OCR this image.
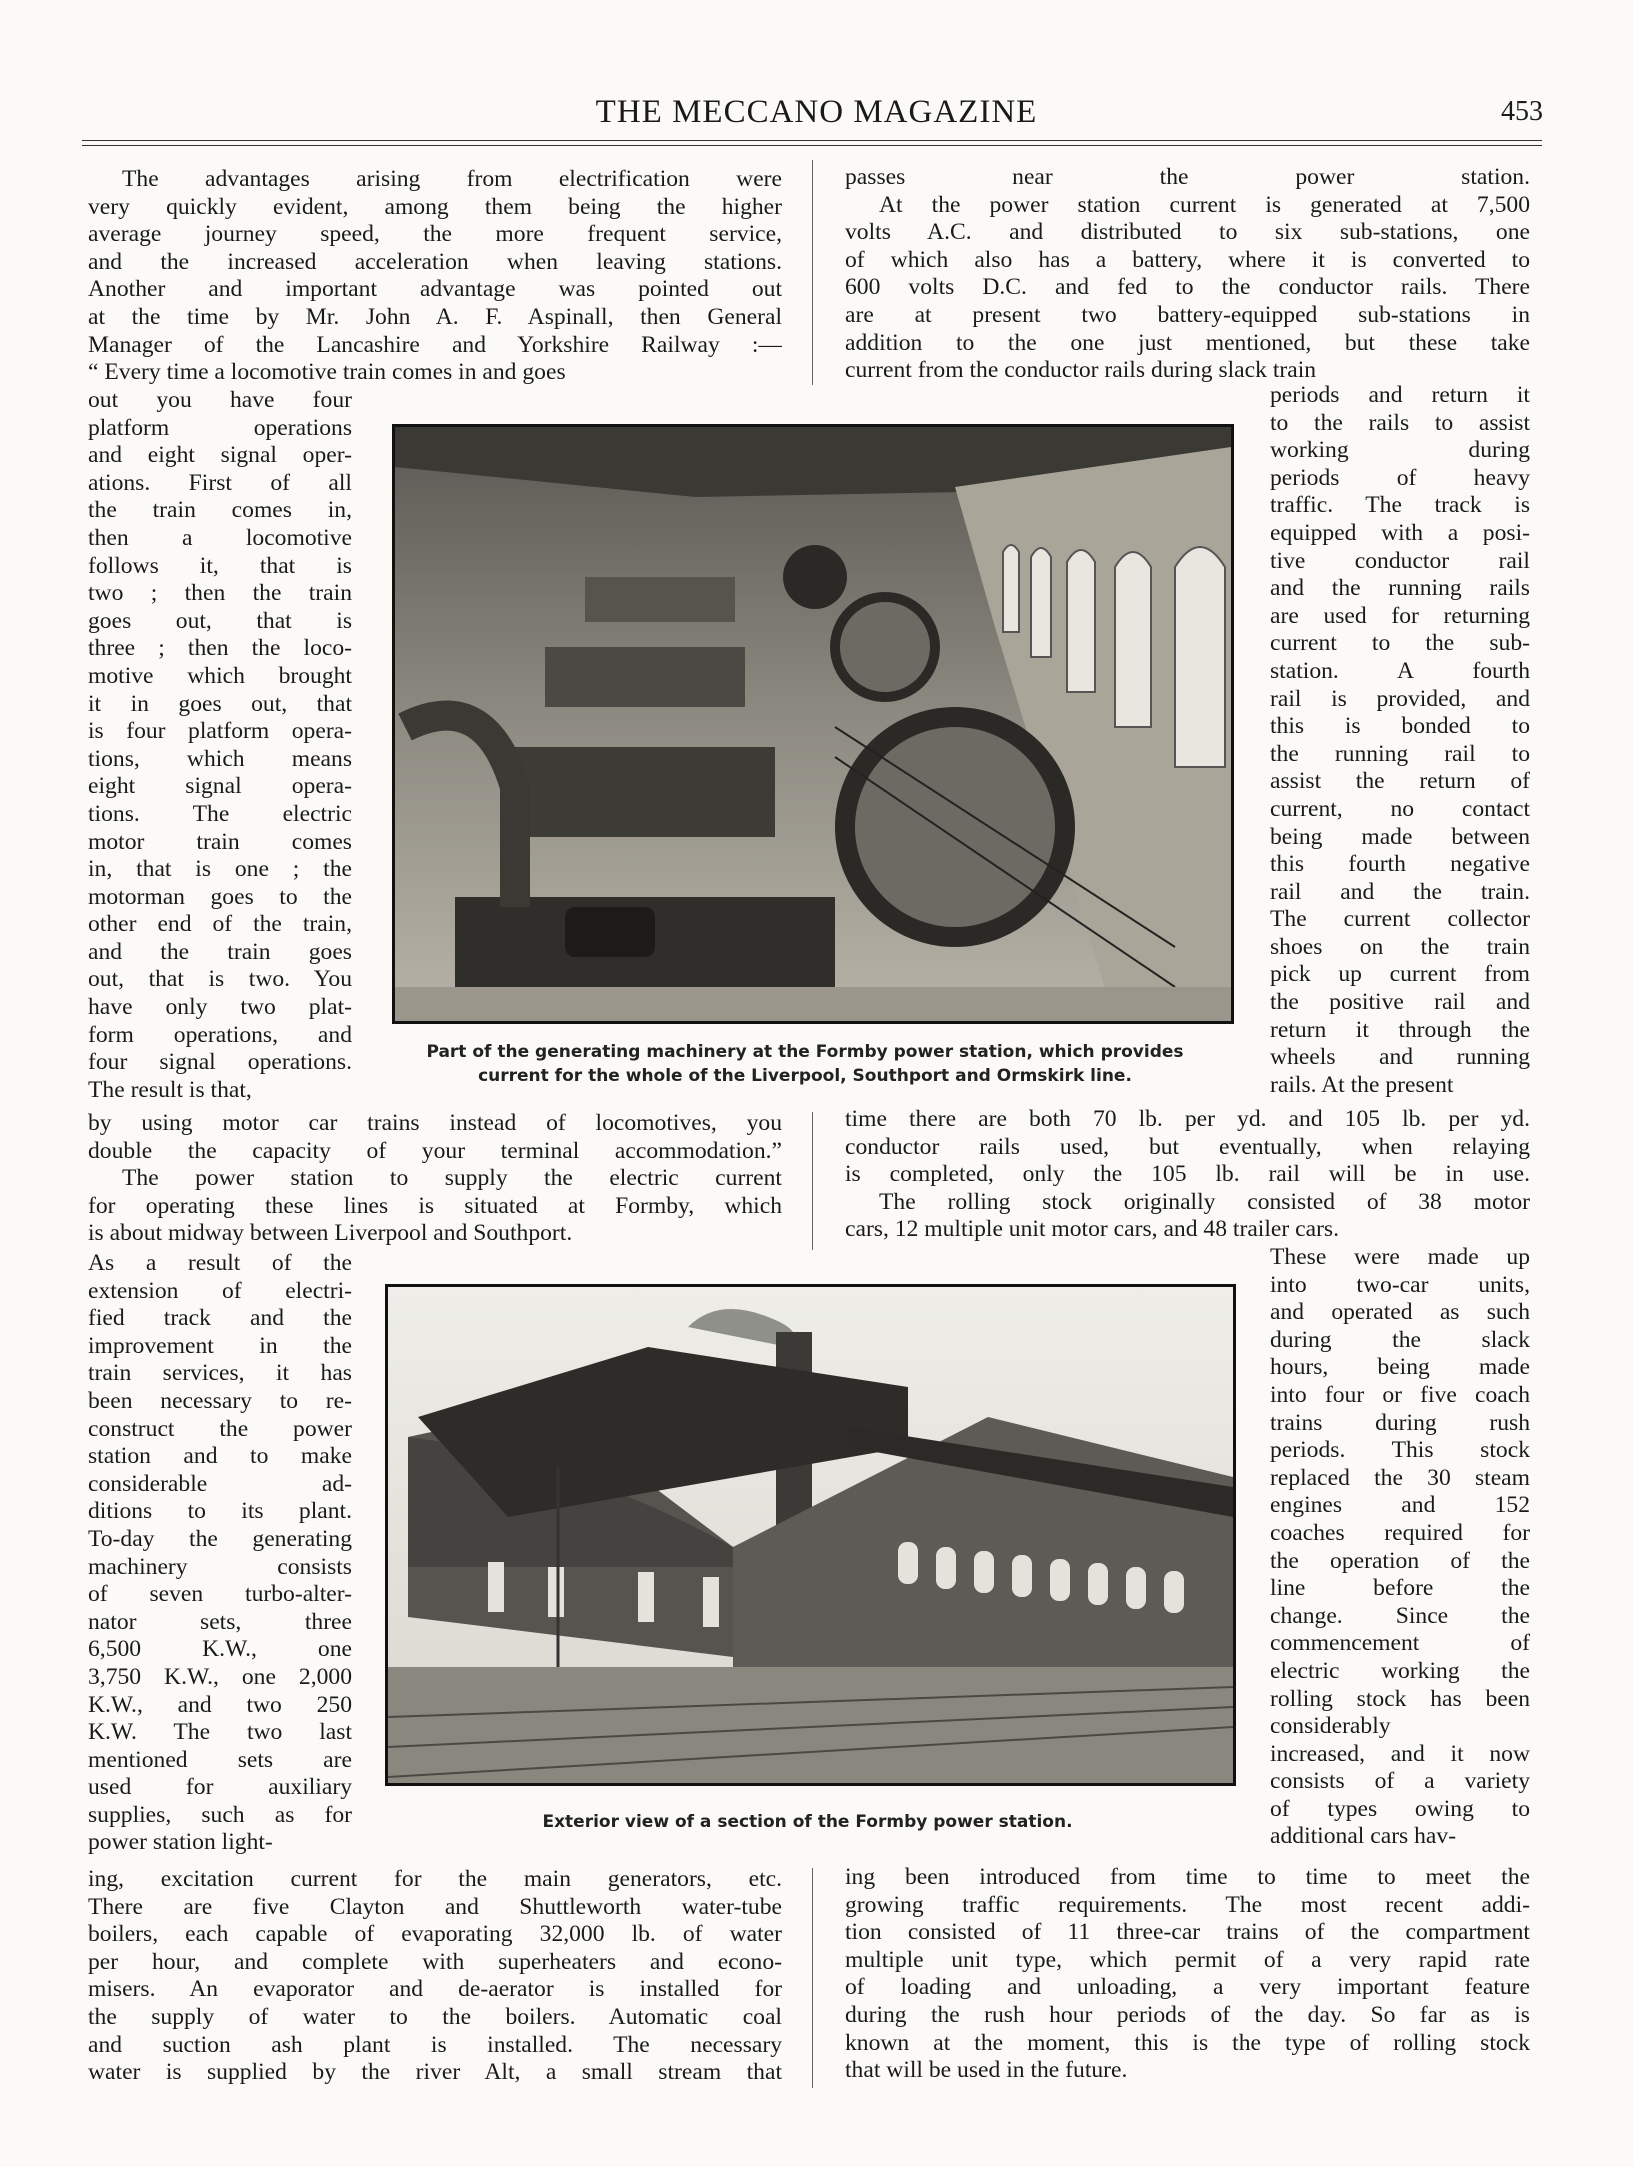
THE MECCANO MAGAZINE	453
The advantages arising from electrification were
very quickly evident, among them being the higher
average journey speed, the more frequent service,
and the increased acceleration when leaving stations.
Another and important advantage was pointed out
at the time by Mr. John A. F. Aspinall, then General
Manager of the Lancashire and Yorkshire Railway :—
“ Every time a locomotive train comes in and goes
out you have four
platform operations
and eight signal oper-
ations. First of all
the train comes in,
then a locomotive
follows it, that is
two ; then the train
goes out, that is
three ; then the loco-
motive which brought
it in goes out, that
is four platform opera-
tions, which means
eight signal opera-
tions. The electric
motor train comes
in, that is one ; the
motorman goes to the
other end of the train,
and the train goes
out, that is two. You
have only two plat-
form operations, and
four signal operations.
The result is that,
by using motor car trains instead of locomotives, you
double the capacity of your terminal accommodation.”
The power station to supply the electric current
for operating these lines is situated at Formby, which
is about midway between Liverpool and Southport.
As a result of the
extension of electri-
fied track and the
improvement in the
train services, it has
been necessary to re-
construct the power
station and to make
considerable ad-
ditions to its plant.
To-day the generating
machinery consists
of seven turbo-alter-
nator sets, three
6,500 K.W., one
3,750 K.W., one 2,000
K.W., and two 250
K.W. The two last
mentioned sets are
used for auxiliary
supplies, such as for
power station light-
ing, excitation current for the main generators, etc.
There are five Clayton and Shuttleworth water-tube
boilers, each capable of evaporating 32,000 lb. of water
per hour, and complete with superheaters and econo-
misers. An evaporator and de-aerator is installed for
the supply of water to the boilers. Automatic coal
and suction ash plant is installed. The necessary
water is supplied by the river Alt, a small stream that
passes near the power station.
At the power station current is generated at 7,500
volts A.C. and distributed to six sub-stations, one
of which also has a battery, where it is converted to
600 volts D.C. and fed to the conductor rails. There
are at present two battery-equipped sub-stations in
addition to the one just mentioned, but these take
current from the conductor rails during slack train
periods and return it
to the rails to assist
working during
periods of heavy
traffic. The track is
equipped with a posi-
tive conductor rail
and the running rails
are used for returning
current to the sub-
station. A fourth
rail is provided, and
this is bonded to
the running rail to
assist the return of
current, no contact
being made between
this fourth negative
rail and the train.
The current collector
shoes on the train
pick up current from
the positive rail and
return it through the
wheels and running
rails. At the present
time there are both 70 lb. per yd. and 105 lb. per yd.
conductor rails used, but eventually, when relaying
is completed, only the 105 lb. rail will be in use.
The rolling stock originally consisted of 38 motor
cars, 12 multiple unit motor cars, and 48 trailer cars.
These were made up
into two-car units,
and operated as such
during the slack
hours, being made
into four or five coach
trains during rush
periods. This stock
replaced the 30 steam
engines and 152
coaches required for
the operation of the
line before the
change. Since the
commencement of
electric working the
rolling stock has been
considerably
increased, and it now
consists of a variety
of types owing to
additional cars hav-
ing been introduced from time to time to meet the
growing traffic requirements. The most recent addi-
tion consisted of 11 three-car trains of the compartment
multiple unit type, which permit of a very rapid rate
of loading and unloading, a very important feature
during the rush hour periods of the day. So far as is
known at the moment, this is the type of rolling stock
that will be used in the future.
Part of the generating machinery at the Formby power station, which provides
current for the whole of the Liverpool, Southport and Ormskirk line.
Exterior view of a section of the Formby power station.
